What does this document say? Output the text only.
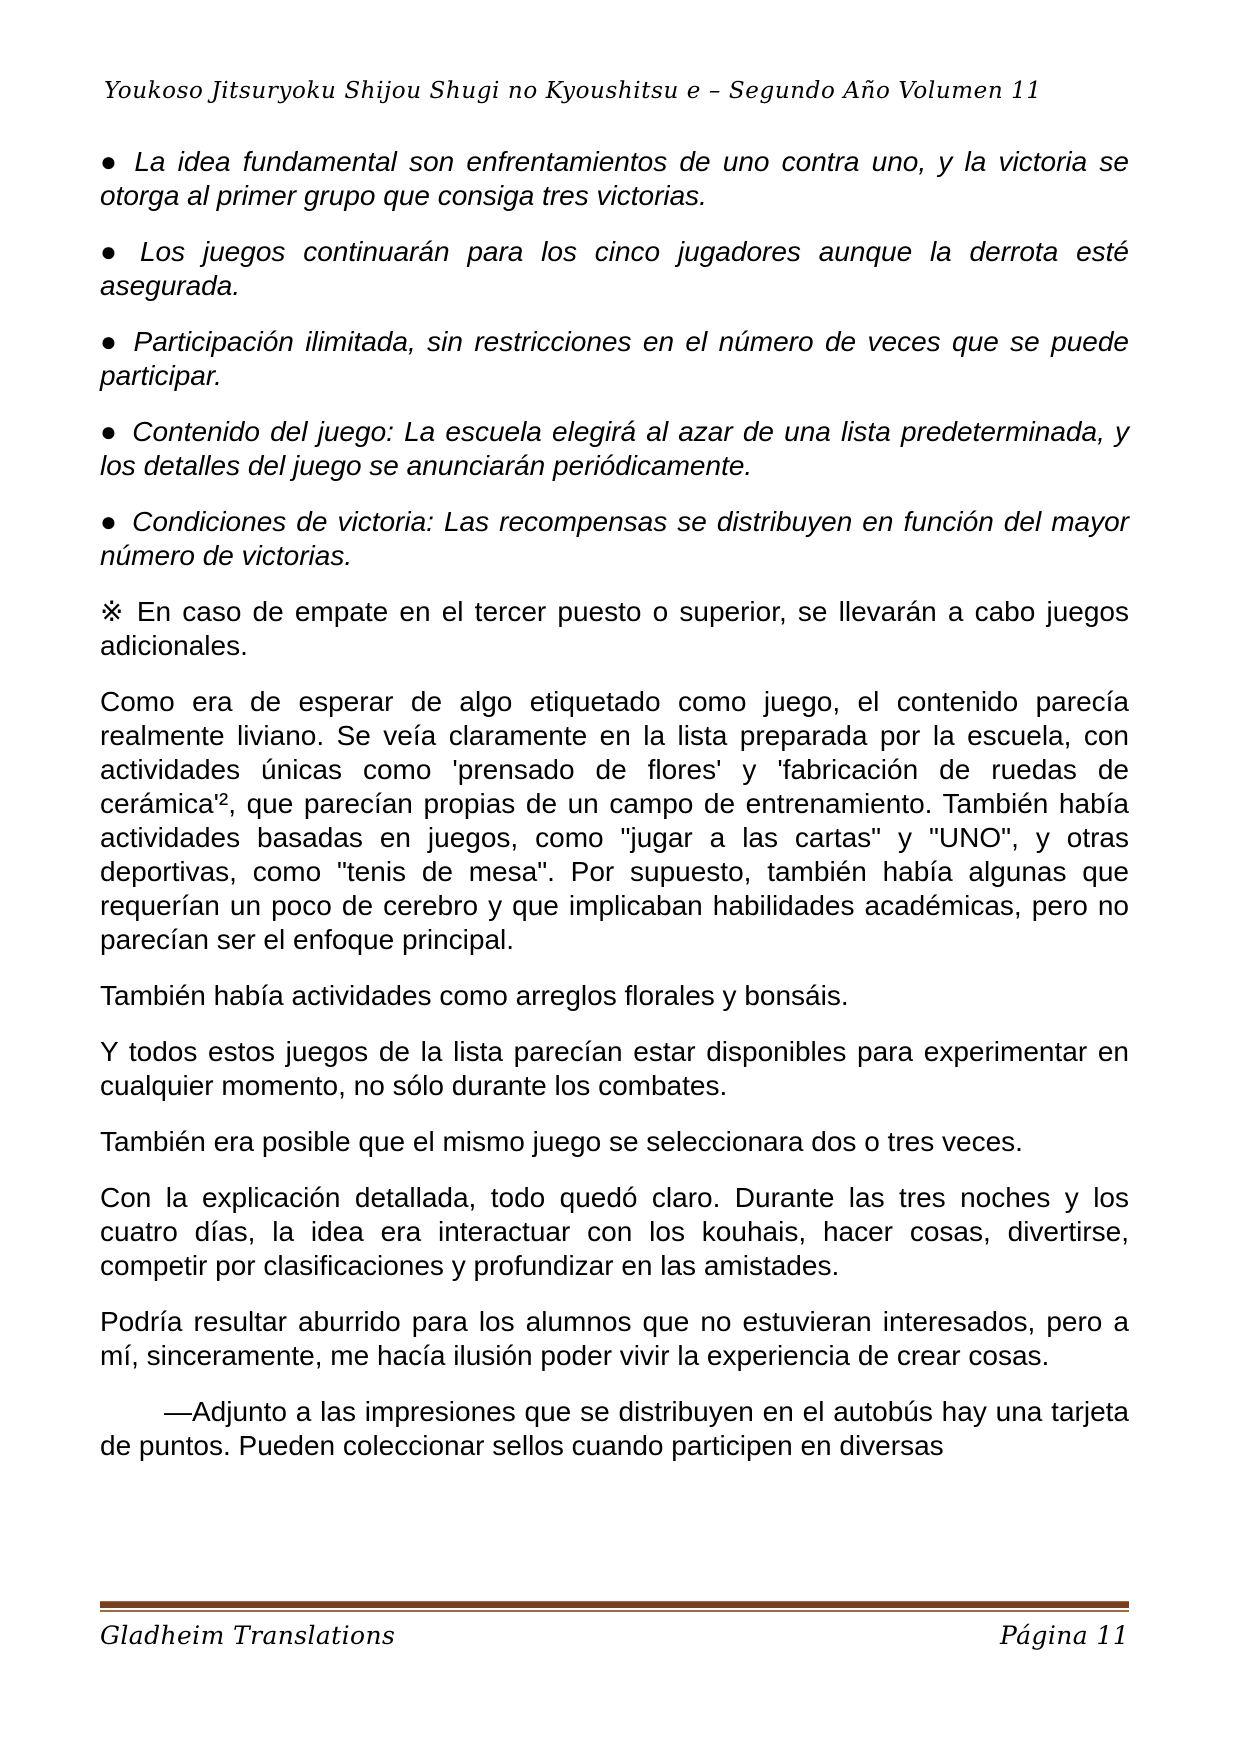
Youkoso Jitsuryoku Shijou Shugi no Kyoushitsu e – Segundo Año Volumen 11

● La idea fundamental son enfrentamientos de uno contra uno, y la victoria se otorga al primer grupo que consiga tres victorias.

● Los juegos continuarán para los cinco jugadores aunque la derrota esté asegurada.

● Participación ilimitada, sin restricciones en el número de veces que se puede participar.

● Contenido del juego: La escuela elegirá al azar de una lista predeterminada, y los detalles del juego se anunciarán periódicamente.

● Condiciones de victoria: Las recompensas se distribuyen en función del mayor número de victorias.

※ En caso de empate en el tercer puesto o superior, se llevarán a cabo juegos adicionales.

Como era de esperar de algo etiquetado como juego, el contenido parecía realmente liviano. Se veía claramente en la lista preparada por la escuela, con actividades únicas como 'prensado de flores' y 'fabricación de ruedas de cerámica'², que parecían propias de un campo de entrenamiento. También había actividades basadas en juegos, como "jugar a las cartas" y "UNO", y otras deportivas, como "tenis de mesa". Por supuesto, también había algunas que requerían un poco de cerebro y que implicaban habilidades académicas, pero no parecían ser el enfoque principal.

También había actividades como arreglos florales y bonsáis.

Y todos estos juegos de la lista parecían estar disponibles para experimentar en cualquier momento, no sólo durante los combates.

También era posible que el mismo juego se seleccionara dos o tres veces.

Con la explicación detallada, todo quedó claro. Durante las tres noches y los cuatro días, la idea era interactuar con los kouhais, hacer cosas, divertirse, competir por clasificaciones y profundizar en las amistades.

Podría resultar aburrido para los alumnos que no estuvieran interesados, pero a mí, sinceramente, me hacía ilusión poder vivir la experiencia de crear cosas.

—Adjunto a las impresiones que se distribuyen en el autobús hay una tarjeta de puntos. Pueden coleccionar sellos cuando participen en diversas

Gladheim Translations	Página 11
